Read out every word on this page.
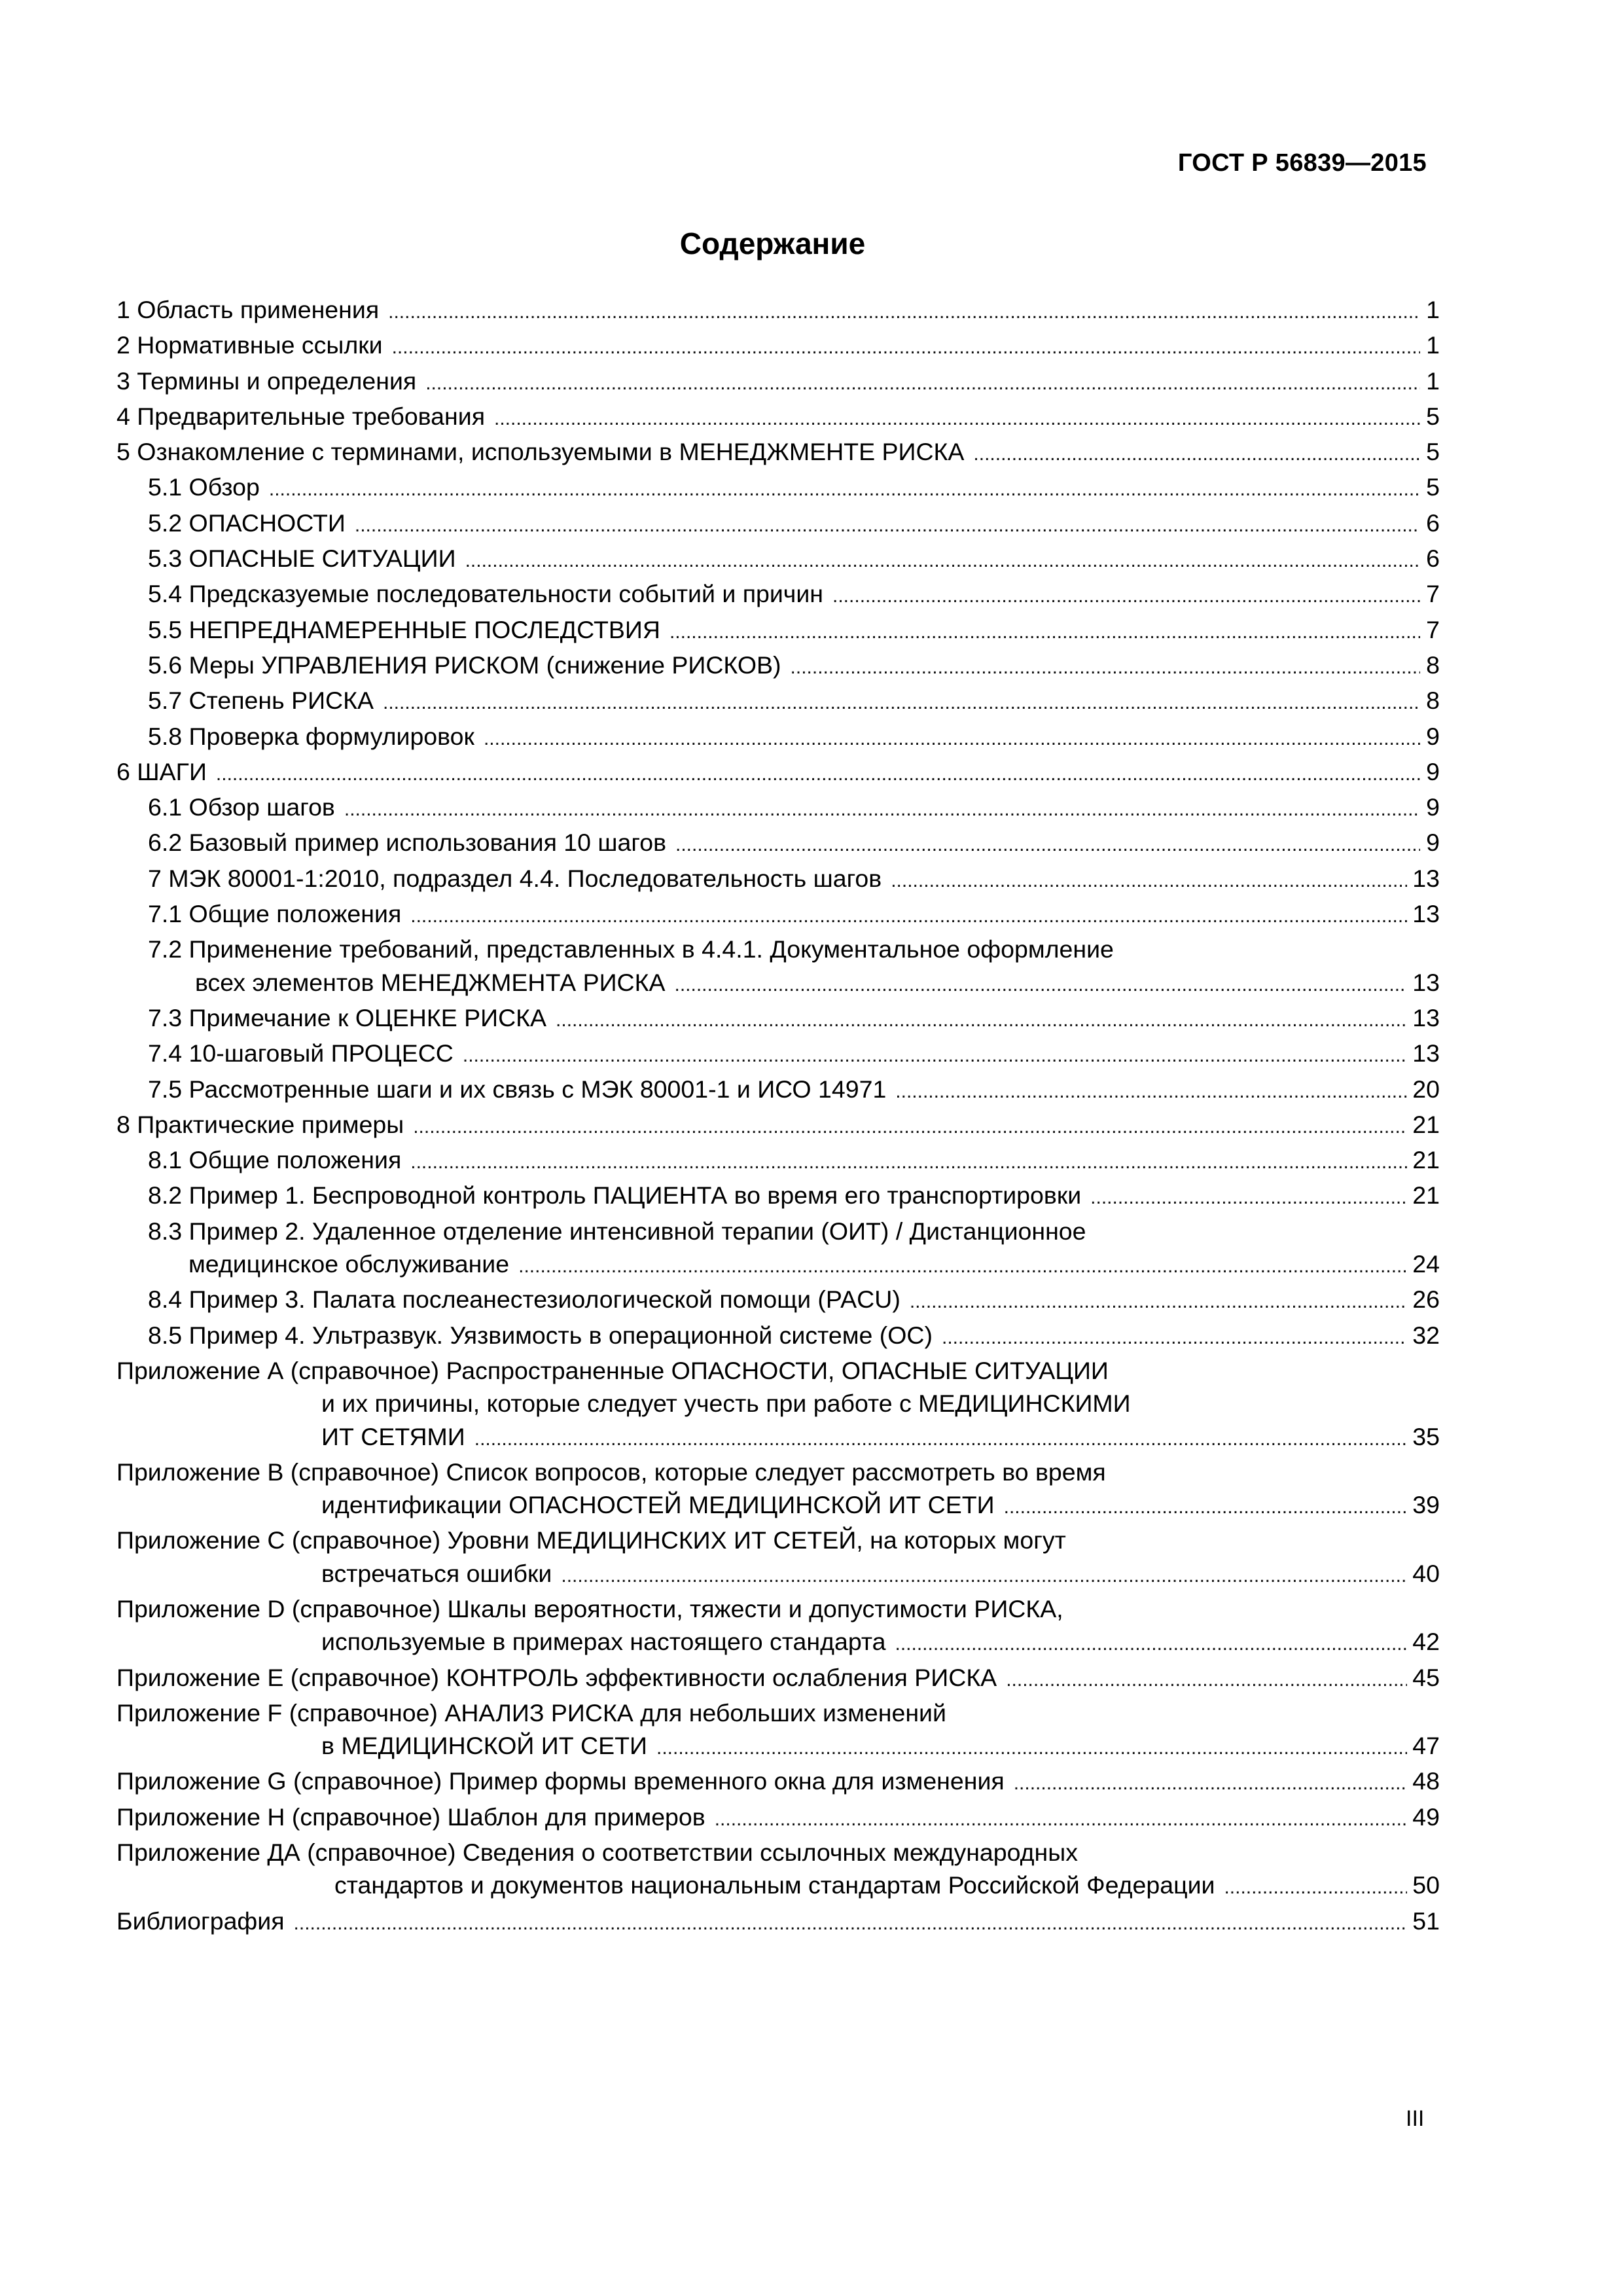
ГОСТ Р 56839—2015
Содержание
1 Область применения .....	1
2 Нормативные ссылки .....	1
3 Термины и определения .....	1
4 Предварительные требования .....	5
5 Ознакомление с терминами, используемыми в МЕНЕДЖМЕНТЕ РИСКА .....	5
5.1 Обзор .....	5
5.2 ОПАСНОСТИ .....	6
5.3 ОПАСНЫЕ СИТУАЦИИ .....	6
5.4 Предсказуемые последовательности событий и причин .....	7
5.5 НЕПРЕДНАМЕРЕННЫЕ ПОСЛЕДСТВИЯ .....	7
5.6 Меры УПРАВЛЕНИЯ РИСКОМ (снижение РИСКОВ) .....	8
5.7 Степень РИСКА .....	8
5.8 Проверка формулировок .....	9
6 ШАГИ .....	9
6.1 Обзор шагов .....	9
6.2 Базовый пример использования 10 шагов .....	9
7 МЭК 80001-1:2010, подраздел 4.4. Последовательность шагов .....	13
7.1 Общие положения .....	13
7.2 Применение требований, представленных в 4.4.1. Документальное оформление
всех элементов МЕНЕДЖМЕНТА РИСКА .....	13
7.3 Примечание к ОЦЕНКЕ РИСКА .....	13
7.4 10-шаговый ПРОЦЕСС .....	13
7.5 Рассмотренные шаги и их связь с МЭК 80001-1 и ИСО 14971 .....	20
8 Практические примеры .....	21
8.1 Общие положения .....	21
8.2 Пример 1. Беспроводной контроль ПАЦИЕНТА во время его транспортировки .....	21
8.3 Пример 2. Удаленное отделение интенсивной терапии (ОИТ) / Дистанционное
медицинское обслуживание .....	24
8.4 Пример 3. Палата послеанестезиологической помощи (PACU) .....	26
8.5 Пример 4. Ультразвук. Уязвимость в операционной системе (ОС) .....	32
Приложение А (справочное) Распространенные ОПАСНОСТИ, ОПАСНЫЕ СИТУАЦИИ
и их причины, которые следует учесть при работе с МЕДИЦИНСКИМИ
ИТ СЕТЯМИ .....	35
Приложение В (справочное) Список вопросов, которые следует рассмотреть во время
идентификации ОПАСНОСТЕЙ МЕДИЦИНСКОЙ ИТ СЕТИ .....	39
Приложение С (справочное) Уровни МЕДИЦИНСКИХ ИТ СЕТЕЙ, на которых могут
встречаться ошибки .....	40
Приложение D (справочное) Шкалы вероятности, тяжести и допустимости РИСКА,
используемые в примерах настоящего стандарта .....	42
Приложение Е (справочное) КОНТРОЛЬ эффективности ослабления РИСКА .....	45
Приложение F (справочное) АНАЛИЗ РИСКА для небольших изменений
в МЕДИЦИНСКОЙ ИТ СЕТИ .....	47
Приложение G (справочное) Пример формы временного окна для изменения .....	48
Приложение Н (справочное) Шаблон для примеров .....	49
Приложение ДА (справочное) Сведения о соответствии ссылочных международных
стандартов и документов национальным стандартам Российской Федерации .....	50
Библиография .....	51
III
